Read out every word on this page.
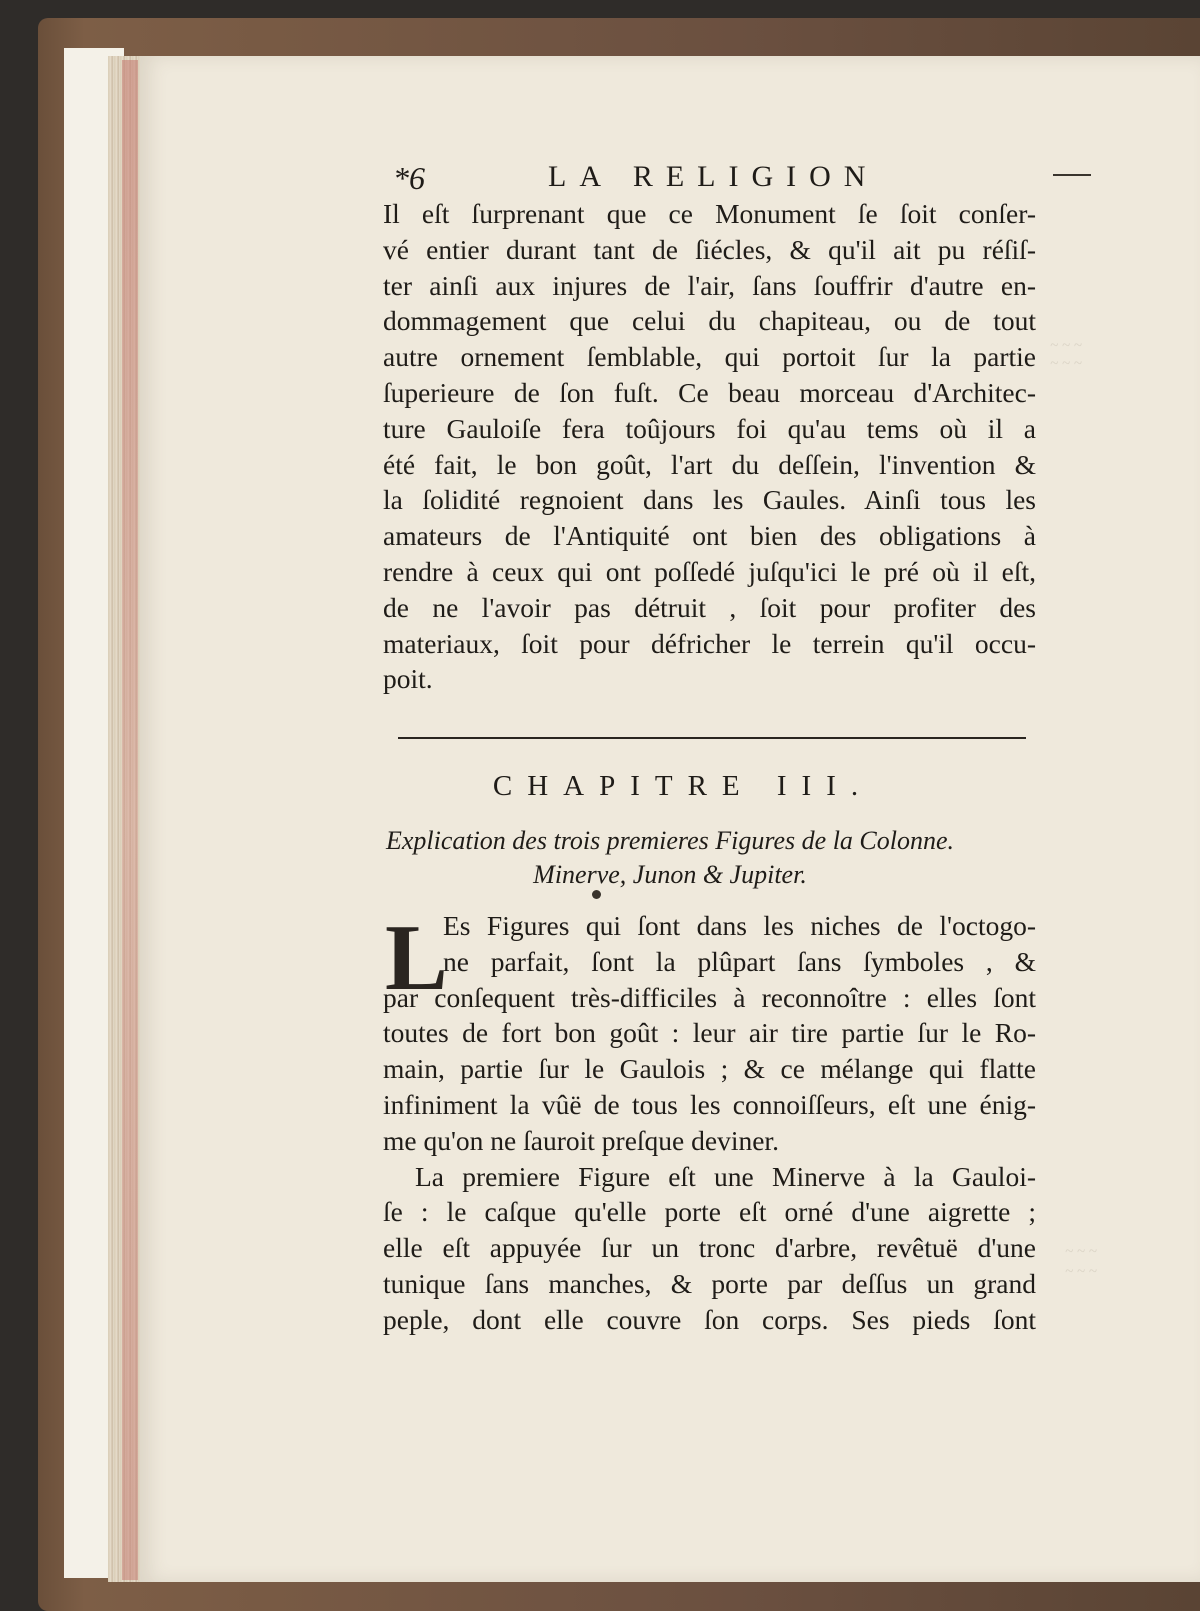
~ ~ ~
~ ~ ~
~ ~ ~
~ ~ ~
*6	LA RELIGION
Il eſt ſurprenant que ce Monument ſe ſoit conſer-
vé entier durant tant de ſiécles, & qu'il ait pu réſiſ-
ter ainſi aux injures de l'air, ſans ſouffrir d'autre en-
dommagement que celui du chapiteau, ou de tout
autre ornement ſemblable, qui portoit ſur la partie
ſuperieure de ſon fuſt. Ce beau morceau d'Architec-
ture Gauloiſe fera toûjours foi qu'au tems où il a
été fait, le bon goût, l'art du deſſein, l'invention &
la ſolidité regnoient dans les Gaules. Ainſi tous les
amateurs de l'Antiquité ont bien des obligations à
rendre à ceux qui ont poſſedé juſqu'ici le pré où il eſt,
de ne l'avoir pas détruit , ſoit pour profiter des
materiaux, ſoit pour défricher le terrein qu'il occu-
poit.
CHAPITRE III.
Explication des trois premieres Figures de la Colonne.
Minerve, Junon & Jupiter.
L
Es Figures qui ſont dans les niches de l'octogo-
ne parfait, ſont la plûpart ſans ſymboles , &
par conſequent très-difficiles à reconnoître : elles ſont
toutes de fort bon goût : leur air tire partie ſur le Ro-
main, partie ſur le Gaulois ; & ce mélange qui flatte
infiniment la vûë de tous les connoiſſeurs, eſt une énig-
me qu'on ne ſauroit preſque deviner.
La premiere Figure eſt une Minerve à la Gauloi-
ſe : le caſque qu'elle porte eſt orné d'une aigrette ;
elle eſt appuyée ſur un tronc d'arbre, revêtuë d'une
tunique ſans manches, & porte par deſſus un grand
peple, dont elle couvre ſon corps. Ses pieds ſont
